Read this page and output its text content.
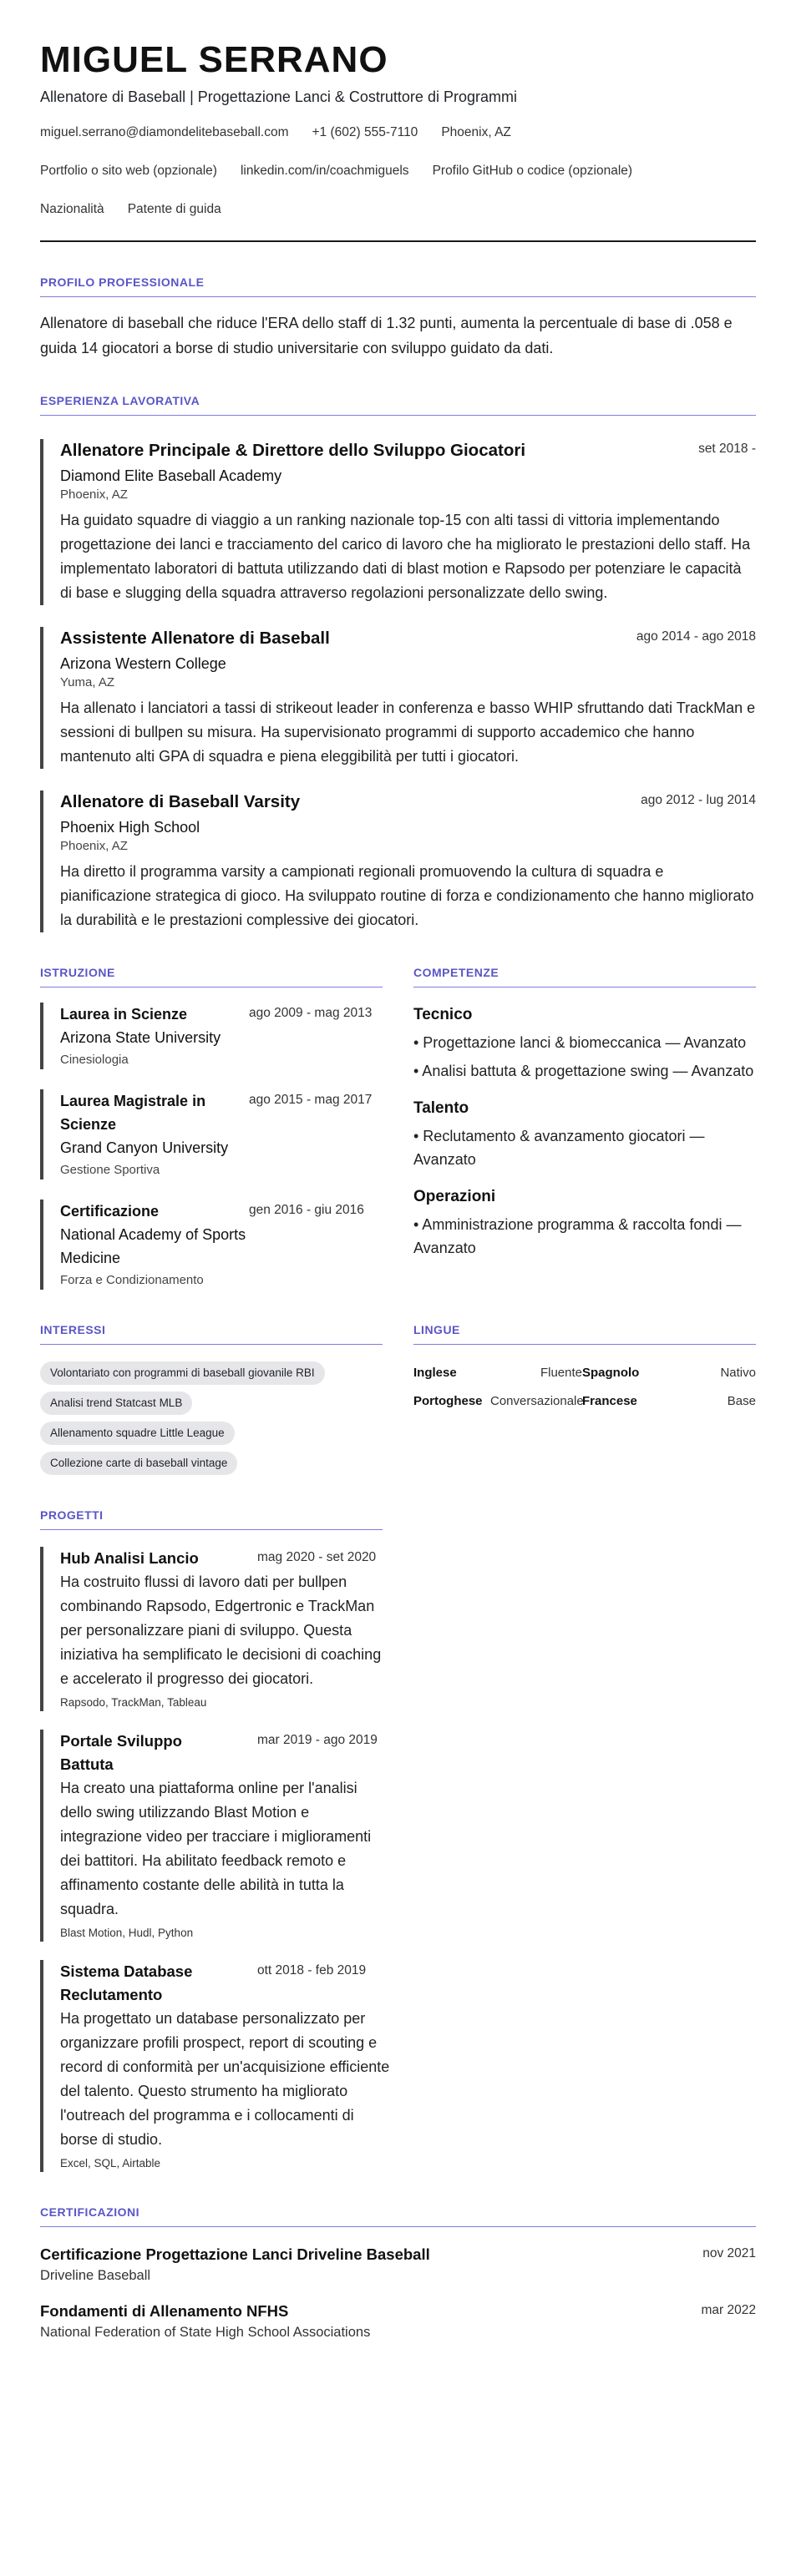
MIGUEL SERRANO
Allenatore di Baseball | Progettazione Lanci & Costruttore di Programmi
miguel.serrano@diamondelitebaseball.com +1 (602) 555-7110 Phoenix, AZ
Portfolio o sito web (opzionale) linkedin.com/in/coachmiguels Profilo GitHub o codice (opzionale)
Nazionalità Patente di guida
PROFILO PROFESSIONALE
Allenatore di baseball che riduce l'ERA dello staff di 1.32 punti, aumenta la percentuale di base di .058 e guida 14 giocatori a borse di studio universitarie con sviluppo guidato da dati.
ESPERIENZA LAVORATIVA
Allenatore Principale & Direttore dello Sviluppo Giocatori	set 2018 -
Diamond Elite Baseball Academy
Phoenix, AZ
Ha guidato squadre di viaggio a un ranking nazionale top-15 con alti tassi di vittoria implementando progettazione dei lanci e tracciamento del carico di lavoro che ha migliorato le prestazioni dello staff. Ha implementato laboratori di battuta utilizzando dati di blast motion e Rapsodo per potenziare le capacità di base e slugging della squadra attraverso regolazioni personalizzate dello swing.
Assistente Allenatore di Baseball	ago 2014 - ago 2018
Arizona Western College
Yuma, AZ
Ha allenato i lanciatori a tassi di strikeout leader in conferenza e basso WHIP sfruttando dati TrackMan e sessioni di bullpen su misura. Ha supervisionato programmi di supporto accademico che hanno mantenuto alti GPA di squadra e piena eleggibilità per tutti i giocatori.
Allenatore di Baseball Varsity	ago 2012 - lug 2014
Phoenix High School
Phoenix, AZ
Ha diretto il programma varsity a campionati regionali promuovendo la cultura di squadra e pianificazione strategica di gioco. Ha sviluppato routine di forza e condizionamento che hanno migliorato la durabilità e le prestazioni complessive dei giocatori.
ISTRUZIONE
Laurea in Scienze	ago 2009 - mag 2013
Arizona State University
Cinesiologia
Laurea Magistrale in Scienze
ago 2015 - mag 2017
Grand Canyon University
Gestione Sportiva
Certificazione	gen 2016 - giu 2016
National Academy of Sports Medicine
Forza e Condizionamento
COMPETENZE
Tecnico
• Progettazione lanci & biomeccanica — Avanzato
• Analisi battuta & progettazione swing — Avanzato
Talento
• Reclutamento & avanzamento giocatori — Avanzato
Operazioni
• Amministrazione programma & raccolta fondi — Avanzato
INTERESSI
Volontariato con programmi di baseball giovanile RBI
Analisi trend Statcast MLB
Allenamento squadre Little League
Collezione carte di baseball vintage
LINGUE
Inglese	Fluente Spagnolo	Nativo
Portoghese Conversazionale
Francese	Base
PROGETTI
Hub Analisi Lancio	mag 2020 - set 2020
Ha costruito flussi di lavoro dati per bullpen combinando Rapsodo, Edgertronic e TrackMan per personalizzare piani di sviluppo. Questa iniziativa ha semplificato le decisioni di coaching e accelerato il progresso dei giocatori.
Rapsodo, TrackMan, Tableau
Portale Sviluppo Battuta
mar 2019 - ago 2019
Ha creato una piattaforma online per l'analisi dello swing utilizzando Blast Motion e integrazione video per tracciare i miglioramenti dei battitori. Ha abilitato feedback remoto e affinamento costante delle abilità in tutta la squadra.
Blast Motion, Hudl, Python
Sistema Database Reclutamento
ott 2018 - feb 2019
Ha progettato un database personalizzato per organizzare profili prospect, report di scouting e record di conformità per un'acquisizione efficiente del talento. Questo strumento ha migliorato l'outreach del programma e i collocamenti di borse di studio.
Excel, SQL, Airtable
CERTIFICAZIONI
Certificazione Progettazione Lanci Driveline Baseball	nov 2021
Driveline Baseball
Fondamenti di Allenamento NFHS	mar 2022
National Federation of State High School Associations
